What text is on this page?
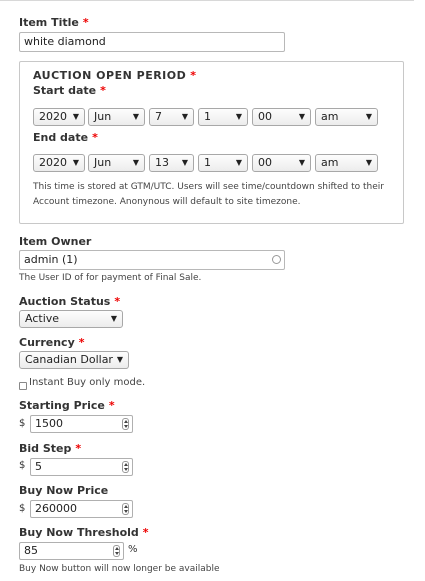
Item Title *
white diamond
AUCTION OPEN PERIOD *
Start date *
2020 ▼	Jun	▼	7 ▼	1	▼	00	▼	am	▼
End date *
2020 ▼	Jun	▼	13 ▼	1	▼	00	▼	am	▼
This time is stored at GTM/UTC. Users will see time/countdown shifted to their
Account timezone. Anonynous will default to site timezone.
Item Owner
admin (1)
The User ID of for payment of Final Sale.
Auction Status *
Active	▼
Currency *
Canadian Dollar ▼
Instant Buy only mode.
Starting Price *
$ 1500
Bid Step *
$ 5
Buy Now Price
$ 260000
Buy Now Threshold *
85	%
Buy Now button will now longer be available
